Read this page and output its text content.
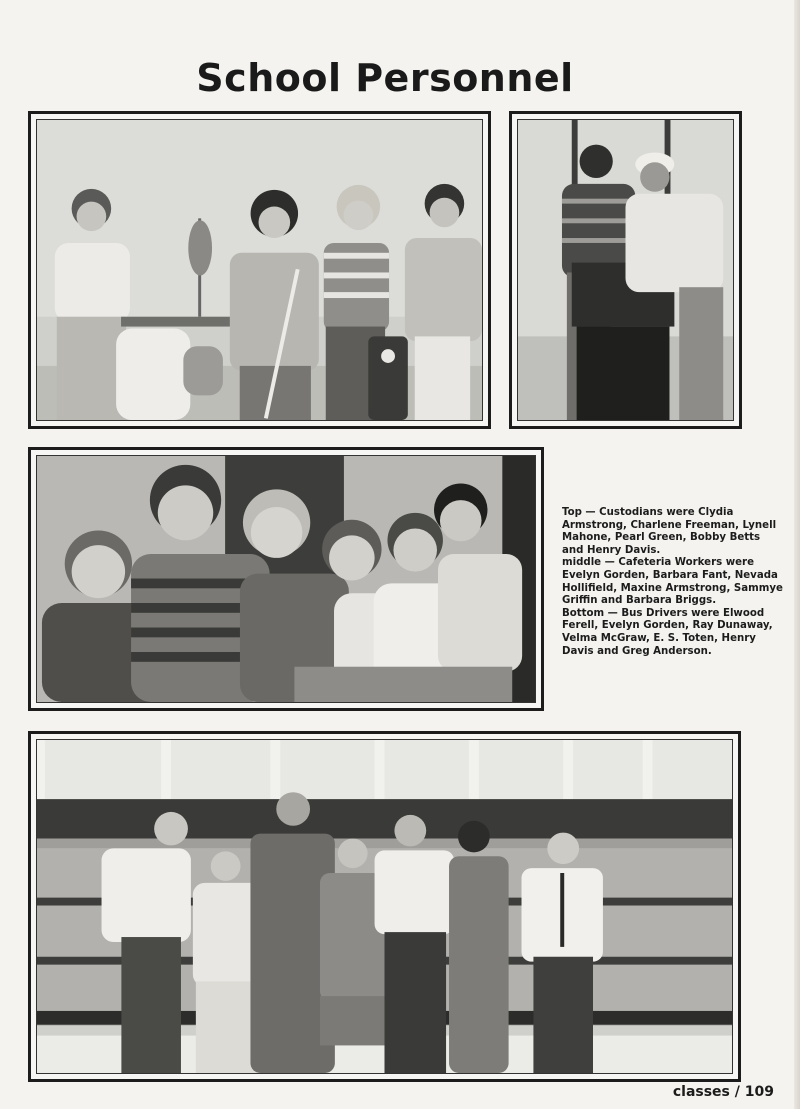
School Personnel

Top — Custodians were Clydia Armstrong, Charlene Freeman, Lynell Mahone, Pearl Green, Bobby Betts and Henry Davis.

middle — Cafeteria Workers were Evelyn Gorden, Barbara Fant, Nevada Hollifield, Maxine Armstrong, Sammye Griffin and Barbara Briggs.

Bottom — Bus Drivers were Elwood Ferell, Evelyn Gorden, Ray Dunaway, Velma McGraw, E. S. Toten, Henry Davis and Greg Anderson.

classes / 109
